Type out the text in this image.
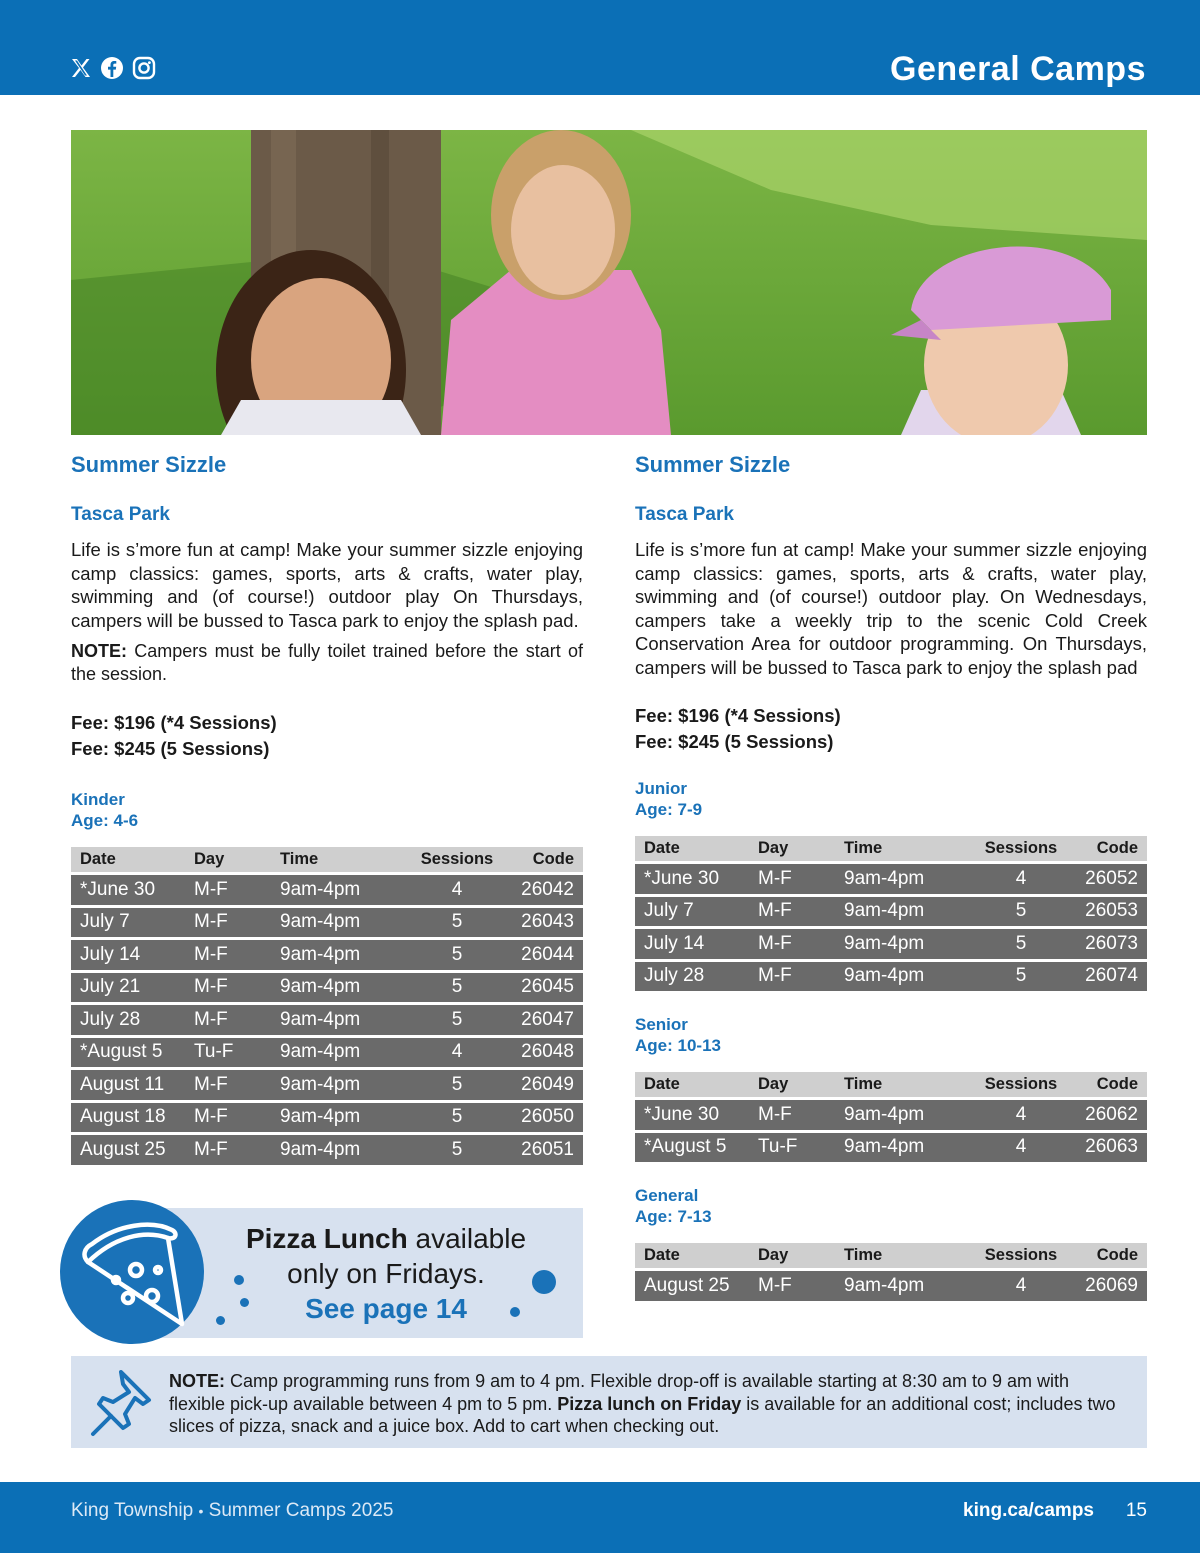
General Camps
Summer Sizzle
Tasca Park
Life is s’more fun at camp! Make your summer sizzle enjoying camp classics: games, sports, arts & crafts, water play, swimming and (of course!) outdoor play On Thursdays, campers will be bussed to Tasca park to enjoy the splash pad.
NOTE: Campers must be fully toilet trained before the start of the session.
Fee: $196 (*4 Sessions)
Fee: $245 (5 Sessions)
Kinder
Age: 4-6
Date	Day	Time	Sessions	Code
*June 30	M-F	9am-4pm	4	26042
July 7	M-F	9am-4pm	5	26043
July 14	M-F	9am-4pm	5	26044
July 21	M-F	9am-4pm	5	26045
July 28	M-F	9am-4pm	5	26047
*August 5	Tu-F	9am-4pm	4	26048
August 11	M-F	9am-4pm	5	26049
August 18	M-F	9am-4pm	5	26050
August 25	M-F	9am-4pm	5	26051
Summer Sizzle
Tasca Park
Life is s’more fun at camp! Make your summer sizzle enjoying camp classics: games, sports, arts & crafts, water play, swimming and (of course!) outdoor play. On Wednesdays, campers take a weekly trip to the scenic Cold Creek Conservation Area for outdoor programming. On Thursdays, campers will be bussed to Tasca park to enjoy the splash pad
Fee: $196 (*4 Sessions)
Fee: $245 (5 Sessions)
Junior
Age: 7-9
Date	Day	Time	Sessions	Code
*June 30	M-F	9am-4pm	4	26052
July 7	M-F	9am-4pm	5	26053
July 14	M-F	9am-4pm	5	26073
July 28	M-F	9am-4pm	5	26074
Senior
Age: 10-13
Date	Day	Time	Sessions	Code
*June 30	M-F	9am-4pm	4	26062
*August 5	Tu-F	9am-4pm	4	26063
General
Age: 7-13
Date	Day	Time	Sessions	Code
August 25	M-F	9am-4pm	4	26069
Pizza Lunch available
only on Fridays.
See page 14
NOTE: Camp programming runs from 9 am to 4 pm. Flexible drop-off is available starting at 8:30 am to 9 am with flexible pick-up available between 4 pm to 5 pm. Pizza lunch on Friday is available for an additional cost; includes two slices of pizza, snack and a juice box. Add to cart when checking out.
King Township • Summer Camps 2025	king.ca/camps 15
